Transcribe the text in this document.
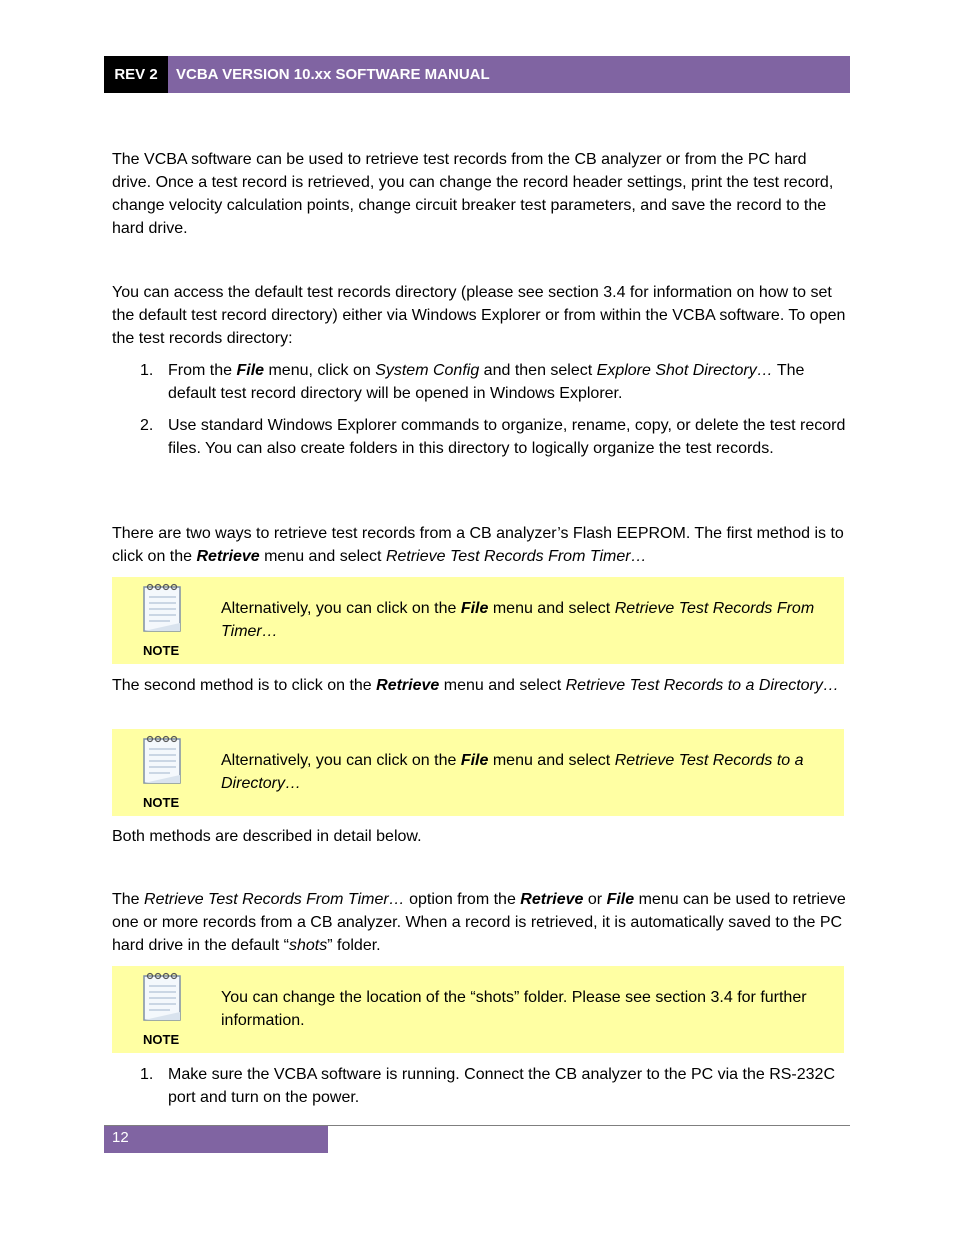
REV 2	VCBA VERSION 10.xx SOFTWARE MANUAL
The VCBA software can be used to retrieve test records from the CB analyzer or from the PC hard drive. Once a test record is retrieved, you can change the record header settings, print the test record, change velocity calculation points, change circuit breaker test parameters, and save the record to the hard drive.
You can access the default test records directory (please see section 3.4 for information on how to set the default test record directory) either via Windows Explorer or from within the VCBA software. To open the test records directory:
1. From the File menu, click on System Config and then select Explore Shot Directory… The default test record directory will be opened in Windows Explorer.
2. Use standard Windows Explorer commands to organize, rename, copy, or delete the test record files. You can also create folders in this directory to logically organize the test records.
There are two ways to retrieve test records from a CB analyzer’s Flash EEPROM. The first method is to click on the Retrieve menu and select Retrieve Test Records From Timer…
NOTE
Alternatively, you can click on the File menu and select Retrieve Test Records From Timer…
The second method is to click on the Retrieve menu and select Retrieve Test Records to a Directory…
NOTE
Alternatively, you can click on the File menu and select Retrieve Test Records to a Directory…
Both methods are described in detail below.
The Retrieve Test Records From Timer… option from the Retrieve or File menu can be used to retrieve one or more records from a CB analyzer. When a record is retrieved, it is automatically saved to the PC hard drive in the default “shots” folder.
NOTE
You can change the location of the “shots” folder. Please see section 3.4 for further information.
1. Make sure the VCBA software is running. Connect the CB analyzer to the PC via the RS-232C port and turn on the power.
12
